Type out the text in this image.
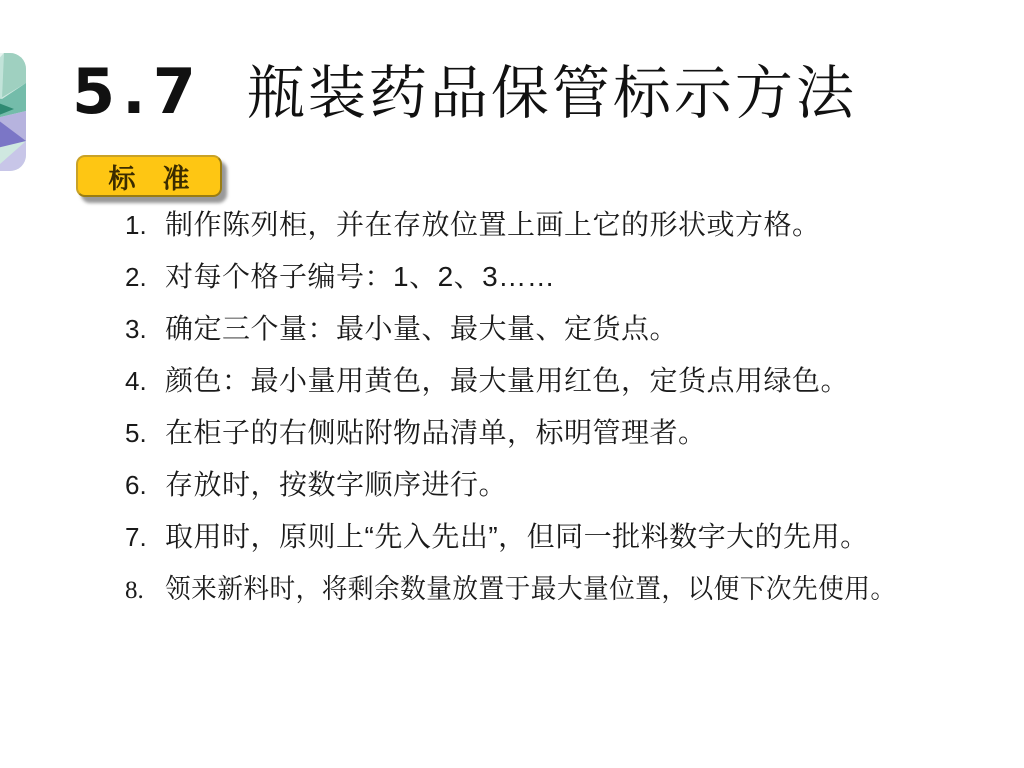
5.7 瓶装药品保管标示方法
标　准
1. 制作陈列柜，并在存放位置上画上它的形状或方格。
2. 对每个格子编号：1、2、3……
3. 确定三个量：最小量、最大量、定货点。
4. 颜色：最小量用黄色，最大量用红色，定货点用绿色。
5. 在柜子的右侧贴附物品清单，标明管理者。
6. 存放时，按数字顺序进行。
7. 取用时，原则上“先入先出”，但同一批料数字大的先用。
8. 领来新料时，将剩余数量放置于最大量位置，以便下次先使用。
